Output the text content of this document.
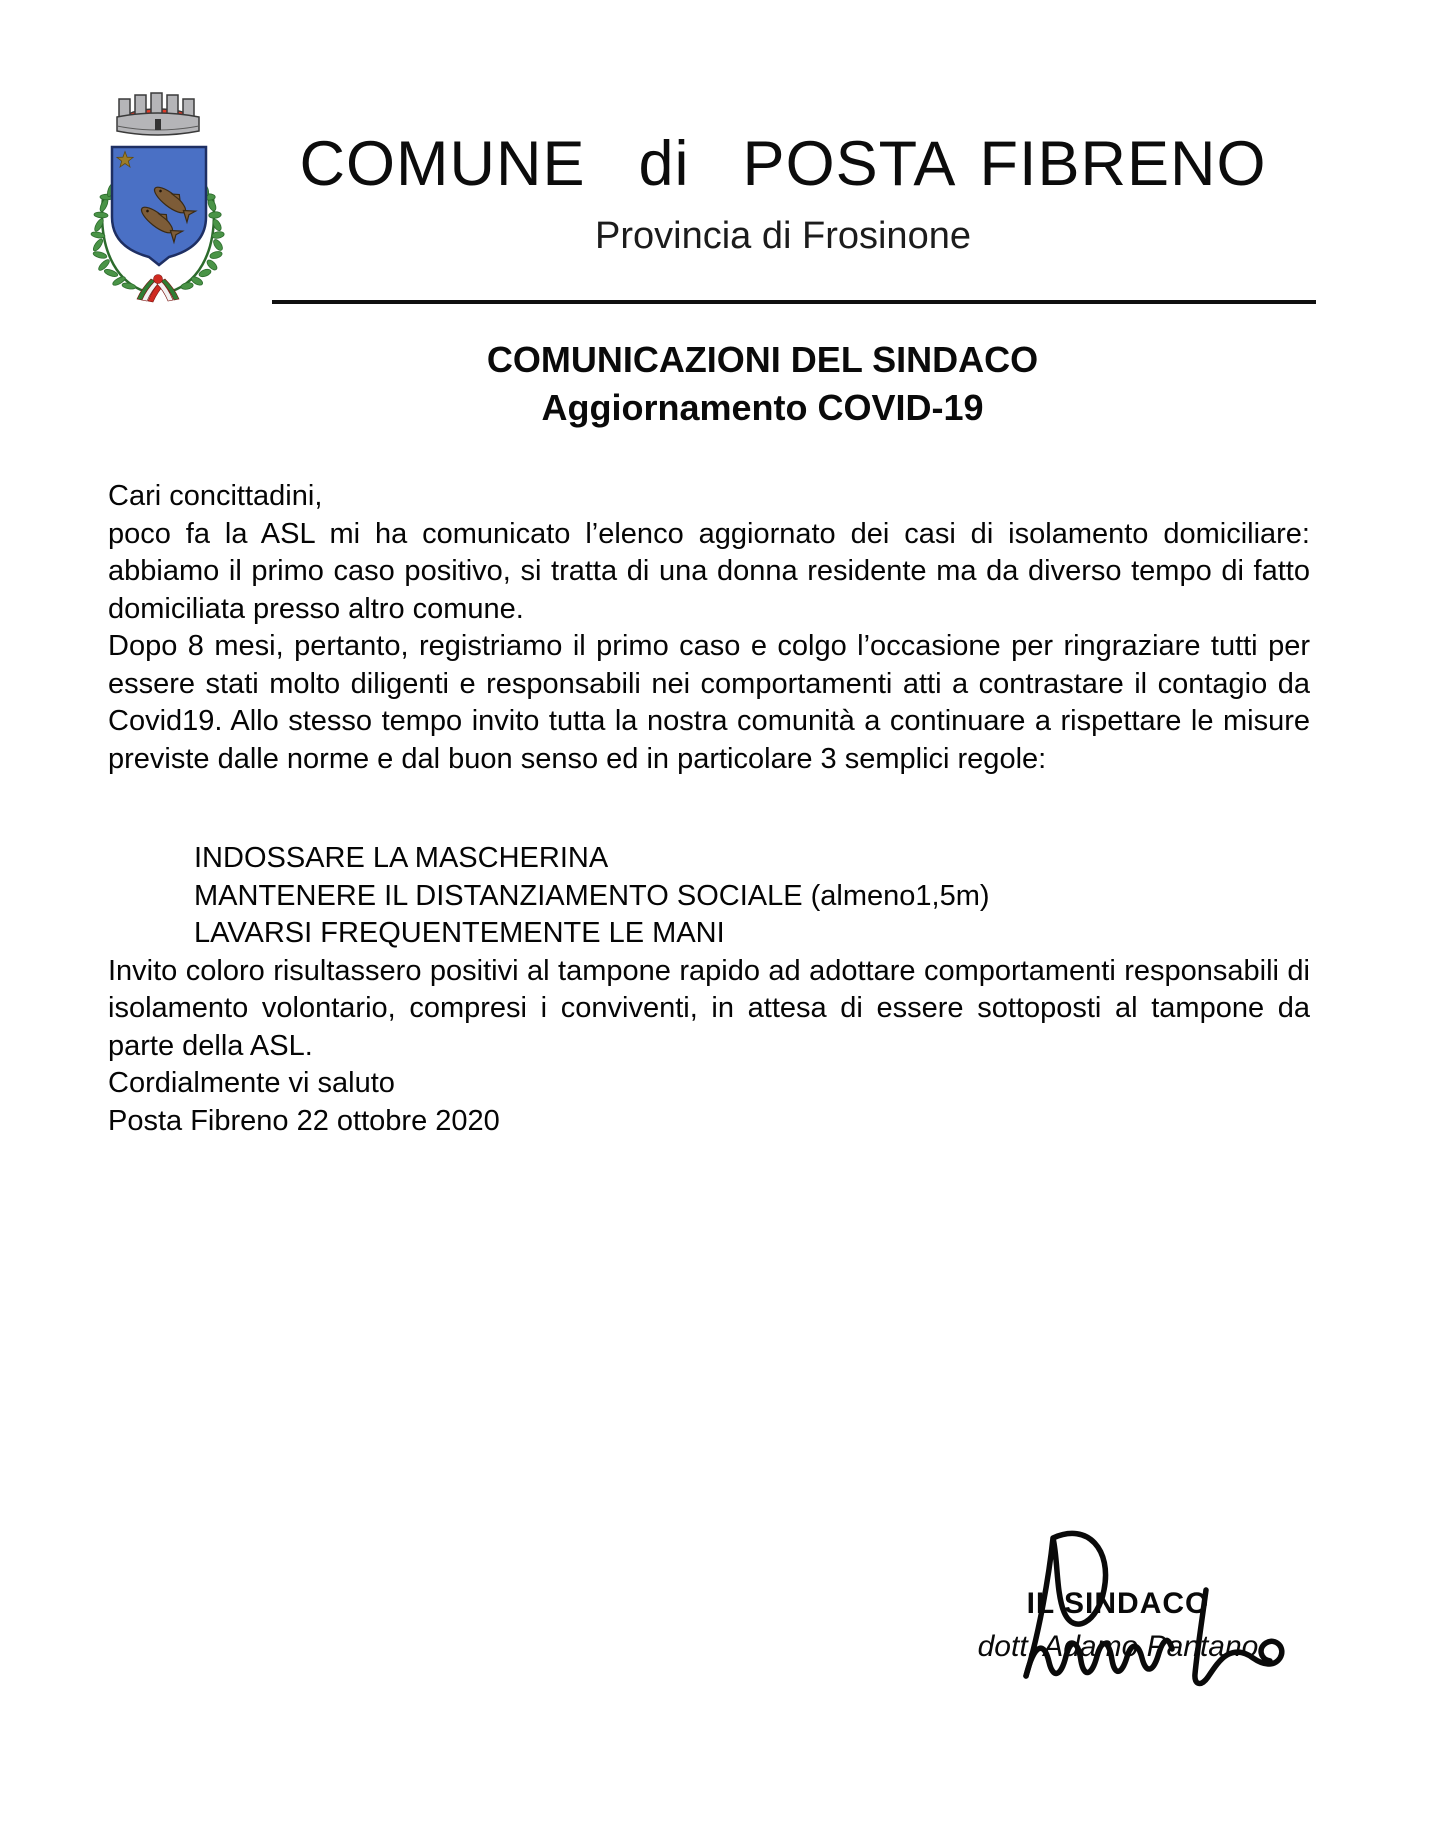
COMUNE  di  POSTA FIBRENO
Provincia di Frosinone
COMUNICAZIONI DEL SINDACO
Aggiornamento COVID-19

Cari concittadini,

poco fa la ASL mi ha comunicato l’elenco aggiornato dei casi di isolamento domiciliare: abbiamo il primo caso positivo, si tratta di una donna residente ma da diverso tempo di fatto domiciliata presso altro comune.

Dopo 8 mesi, pertanto, registriamo il primo caso e colgo l’occasione per ringraziare tutti per essere stati molto diligenti e responsabili nei comportamenti atti a contrastare il contagio da Covid19. Allo stesso tempo invito tutta la nostra comunità a continuare a rispettare le misure previste dalle norme e dal buon senso ed in particolare 3 semplici regole:

INDOSSARE LA MASCHERINA
MANTENERE IL DISTANZIAMENTO SOCIALE (almeno1,5m)
LAVARSI FREQUENTEMENTE LE MANI

Invito coloro risultassero positivi al tampone rapido ad adottare comportamenti responsabili di isolamento volontario, compresi i conviventi, in attesa di essere sottoposti al tampone da parte della ASL.

Cordialmente vi saluto

Posta Fibreno 22 ottobre 2020

IL SINDACO
dott. Adamo Pantano
